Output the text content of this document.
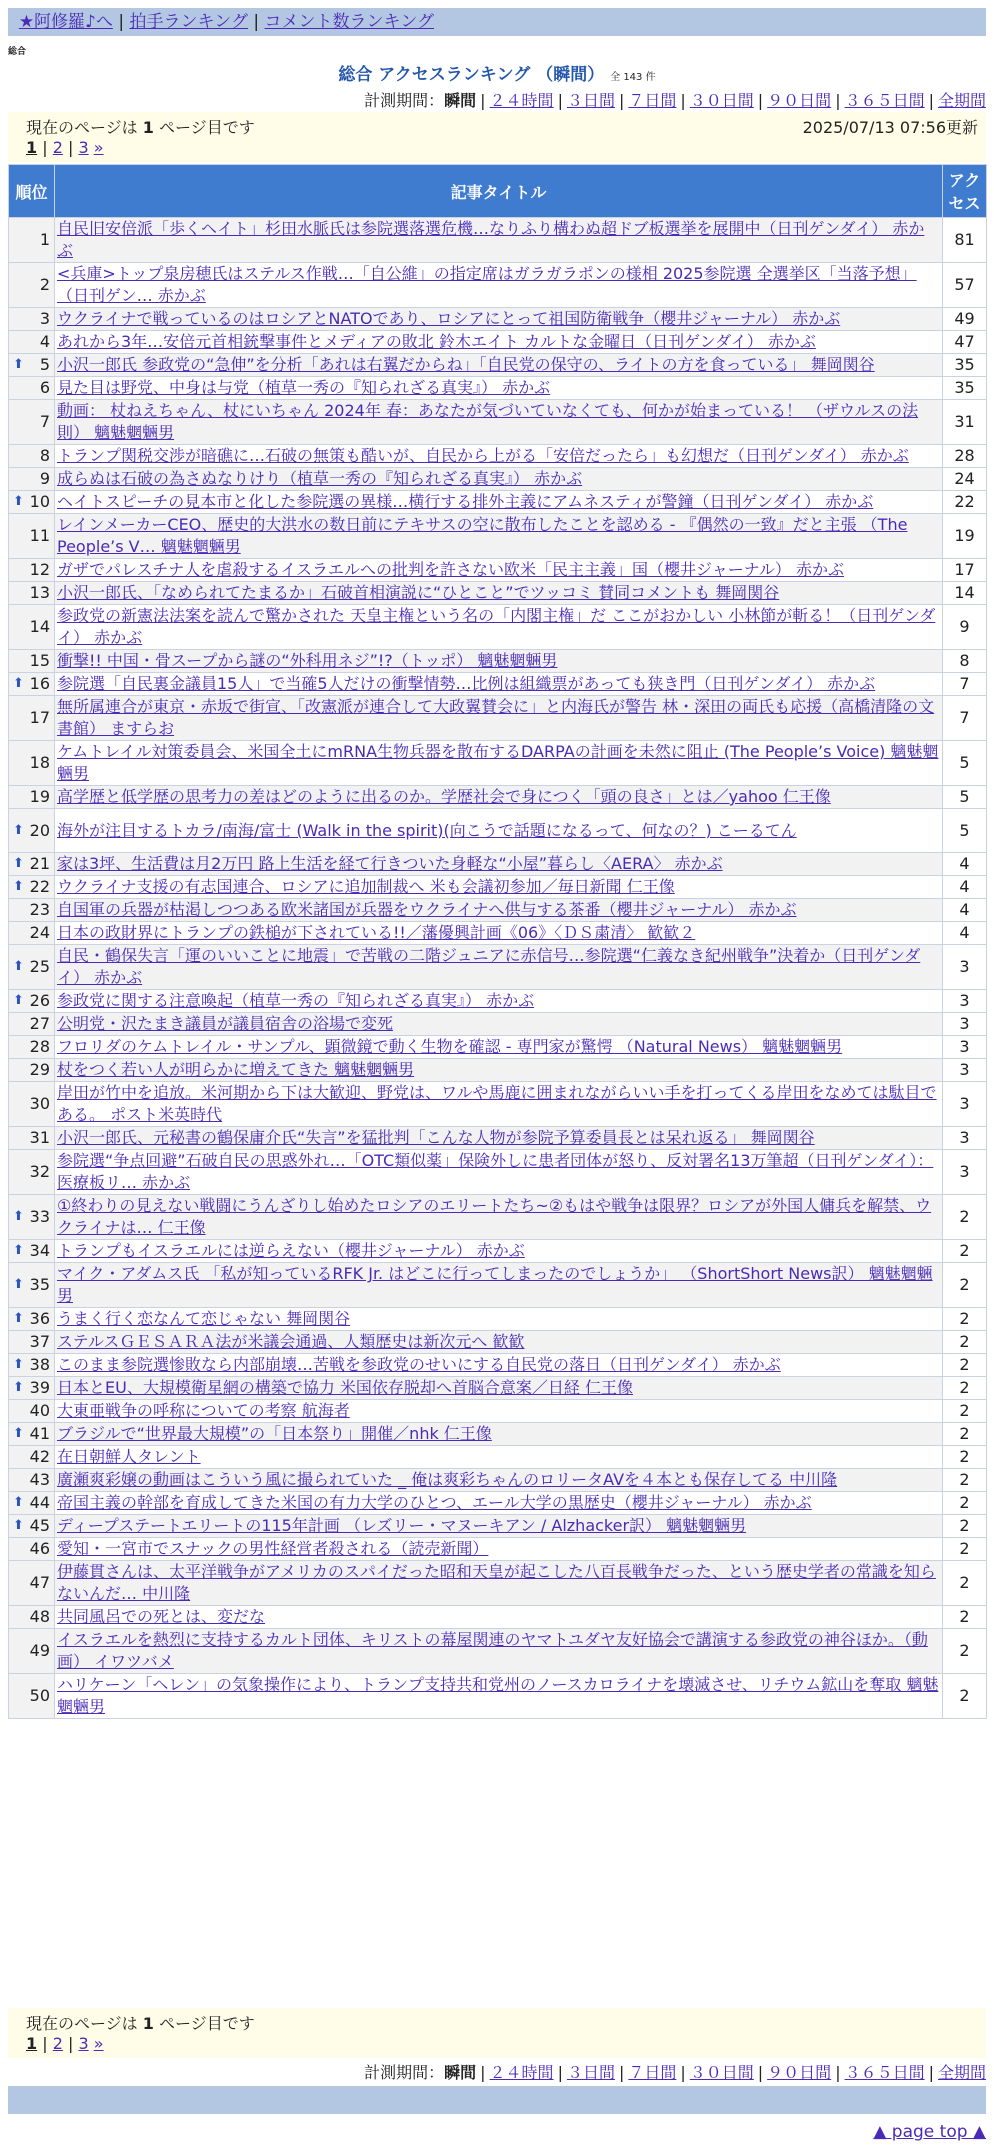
★阿修羅♪へ | 拍手ランキング | コメント数ランキング
総合
総合 アクセスランキング （瞬間） 全 143 件
計測期間：瞬間 | ２４時間 | ３日間 | ７日間 | ３０日間 | ９０日間 | ３６５日間 | 全期間
現在のページは 1 ページ目です	2025/07/13 07:56更新
1 | 2 | 3 »
順位	記事タイトル	アクセス
1	自民旧安倍派「歩くヘイト」杉田水脈氏は参院選落選危機…なりふり構わぬ超ドブ板選挙を展開中（日刊ゲンダイ） 赤かぶ	81
2	<兵庫>トップ泉房穂氏はステルス作戦…「自公維」の指定席はガラガラポンの様相 2025参院選 全選挙区「当落予想」（日刊ゲン… 赤かぶ	57
3	ウクライナで戦っているのはロシアとNATOであり、ロシアにとって祖国防衛戦争（櫻井ジャーナル） 赤かぶ	49
4	あれから3年…安倍元首相銃撃事件とメディアの敗北 鈴木エイト カルトな金曜日（日刊ゲンダイ） 赤かぶ	47

⬆ 5	小沢一郎氏 参政党の“急伸”を分析「あれは右翼だからね」「自民党の保守の、ライトの方を食っている」 舞岡関谷	35
6	見た目は野党、中身は与党（植草一秀の『知られざる真実』） 赤かぶ	35
7	動画： 杖ねえちゃん、杖にいちゃん 2024年 春：あなたが気づいていなくても、何かが始まっている！ （ザウルスの法則） 魑魅魍魎男	31
8	トランプ関税交渉が暗礁に…石破の無策も酷いが、自民から上がる「安倍だったら」も幻想だ（日刊ゲンダイ） 赤かぶ	28
9	成らぬは石破の為さぬなりけり（植草一秀の『知られざる真実』） 赤かぶ	24

⬆ 10	ヘイトスピーチの見本市と化した参院選の異様…横行する排外主義にアムネスティが警鐘（日刊ゲンダイ） 赤かぶ	22
11	レインメーカーCEO、歴史的大洪水の数日前にテキサスの空に散布したことを認める - 『偶然の一致』だと主張 （The People’s V… 魑魅魍魎男	19
12	ガザでパレスチナ人を虐殺するイスラエルへの批判を許さない欧米「民主主義」国（櫻井ジャーナル） 赤かぶ	17
13	小沢一郎氏、「なめられてたまるか」石破首相演説に“ひとこと”でツッコミ 賛同コメントも 舞岡関谷	14
14	参政党の新憲法法案を読んで驚かされた 天皇主権という名の「内閣主権」だ ここがおかしい 小林節が斬る！（日刊ゲンダイ） 赤かぶ	9
15	衝撃!! 中国・骨スープから謎の“外科用ネジ”!?（トッポ） 魑魅魍魎男	8

⬆ 16	参院選「自民裏金議員15人」で当確5人だけの衝撃情勢…比例は組織票があっても狭き門（日刊ゲンダイ） 赤かぶ	7
17	無所属連合が東京・赤坂で街宣、「改憲派が連合して大政翼賛会に」と内海氏が警告 林・深田の両氏も応援（高橋清隆の文書館） ますらお	7
18	ケムトレイル対策委員会、米国全土にmRNA生物兵器を散布するDARPAの計画を未然に阻止 (The People’s Voice) 魑魅魍魎男	5
19	高学歴と低学歴の思考力の差はどのように出るのか。学歴社会で身につく「頭の良さ」とは／yahoo 仁王像	5

⬆ 20	海外が注目するトカラ/南海/富士 (Walk in the spirit)(向こうで話題になるって、何なの？) こーるてん	5

⬆ 21	家は3坪、生活費は月2万円 路上生活を経て行きついた身軽な“小屋”暮らし〈AERA〉 赤かぶ	4

⬆ 22	ウクライナ支援の有志国連合、ロシアに追加制裁へ 米も会議初参加／毎日新聞 仁王像	4
23	自国軍の兵器が枯渇しつつある欧米諸国が兵器をウクライナへ供与する茶番（櫻井ジャーナル） 赤かぶ	4
24	日本の政財界にトランプの鉄槌が下されている!!／藩優興計画《06》〈ＤＳ粛清〉 歓歓２	4

⬆ 25	自民・鶴保失言「運のいいことに地震」で苦戦の二階ジュニアに赤信号…参院選“仁義なき紀州戦争”決着か（日刊ゲンダイ） 赤かぶ	3

⬆ 26	参政党に関する注意喚起（植草一秀の『知られざる真実』） 赤かぶ	3
27	公明党・沢たまき議員が議員宿舎の浴場で変死	3
28	フロリダのケムトレイル・サンプル、顕微鏡で動く生物を確認 - 専門家が驚愕 （Natural News） 魑魅魍魎男	3
29	杖をつく若い人が明らかに増えてきた 魑魅魍魎男	3
30	岸田が竹中を追放。米河期から下は大歓迎、野党は、ワルや馬鹿に囲まれながらいい手を打ってくる岸田をなめては駄目である。 ポスト米英時代	3
31	小沢一郎氏、元秘書の鶴保庸介氏“失言”を猛批判「こんな人物が参院予算委員長とは呆れ返る」 舞岡関谷	3
32	参院選“争点回避”石破自民の思惑外れ…「OTC類似薬」保険外しに患者団体が怒り、反対署名13万筆超（日刊ゲンダイ）：医療板リ… 赤かぶ	3

⬆ 33	①終わりの見えない戦闘にうんざりし始めたロシアのエリートたち~②もはや戦争は限界？ロシアが外国人傭兵を解禁、ウクライナは… 仁王像	2

⬆ 34	トランプもイスラエルには逆らえない（櫻井ジャーナル） 赤かぶ	2

⬆ 35	マイク・アダムス氏 「私が知っているRFK Jr. はどこに行ってしまったのでしょうか」 （ShortShort News訳） 魑魅魍魎男	2

⬆ 36	うまく行く恋なんて恋じゃない 舞岡関谷	2
37	ステルスＧＥＳＡＲＡ法が米議会通過、人類歴史は新次元へ 歓歓	2

⬆ 38	このまま参院選惨敗なら内部崩壊…苦戦を参政党のせいにする自民党の落日（日刊ゲンダイ） 赤かぶ	2

⬆ 39	日本とEU、大規模衛星網の構築で協力 米国依存脱却へ首脳合意案／日経 仁王像	2
40	大東亜戦争の呼称についての考察 航海者	2

⬆ 41	ブラジルで“世界最大規模”の「日本祭り」開催／nhk 仁王像	2
42	在日朝鮮人タレント	2
43	廣瀬爽彩嬢の動画はこういう風に撮られていた _ 俺は爽彩ちゃんのロリータAVを４本とも保存してる 中川隆	2

⬆ 44	帝国主義の幹部を育成してきた米国の有力大学のひとつ、エール大学の黒歴史（櫻井ジャーナル） 赤かぶ	2

⬆ 45	ディープステートエリートの115年計画 （レズリー・マヌーキアン / Alzhacker訳） 魑魅魍魎男	2
46	愛知・一宮市でスナックの男性経営者殺される（読売新聞）	2
47	伊藤貫さんは、太平洋戦争がアメリカのスパイだった昭和天皇が起こした八百長戦争だった、という歴史学者の常識を知らないんだ… 中川隆	2
48	共同風呂での死とは、変だな	2
49	イスラエルを熱烈に支持するカルト団体、キリストの幕屋関連のヤマトユダヤ友好協会で講演する参政党の神谷ほか。（動画） イワツバメ	2
50	ハリケーン「ヘレン」の気象操作により、トランプ支持共和党州のノースカロライナを壊滅させ、リチウム鉱山を奪取 魑魅魍魎男	2
現在のページは 1 ページ目です
1 | 2 | 3 »
計測期間：瞬間 | ２４時間 | ３日間 | ７日間 | ３０日間 | ９０日間 | ３６５日間 | 全期間
▲ page top ▲
